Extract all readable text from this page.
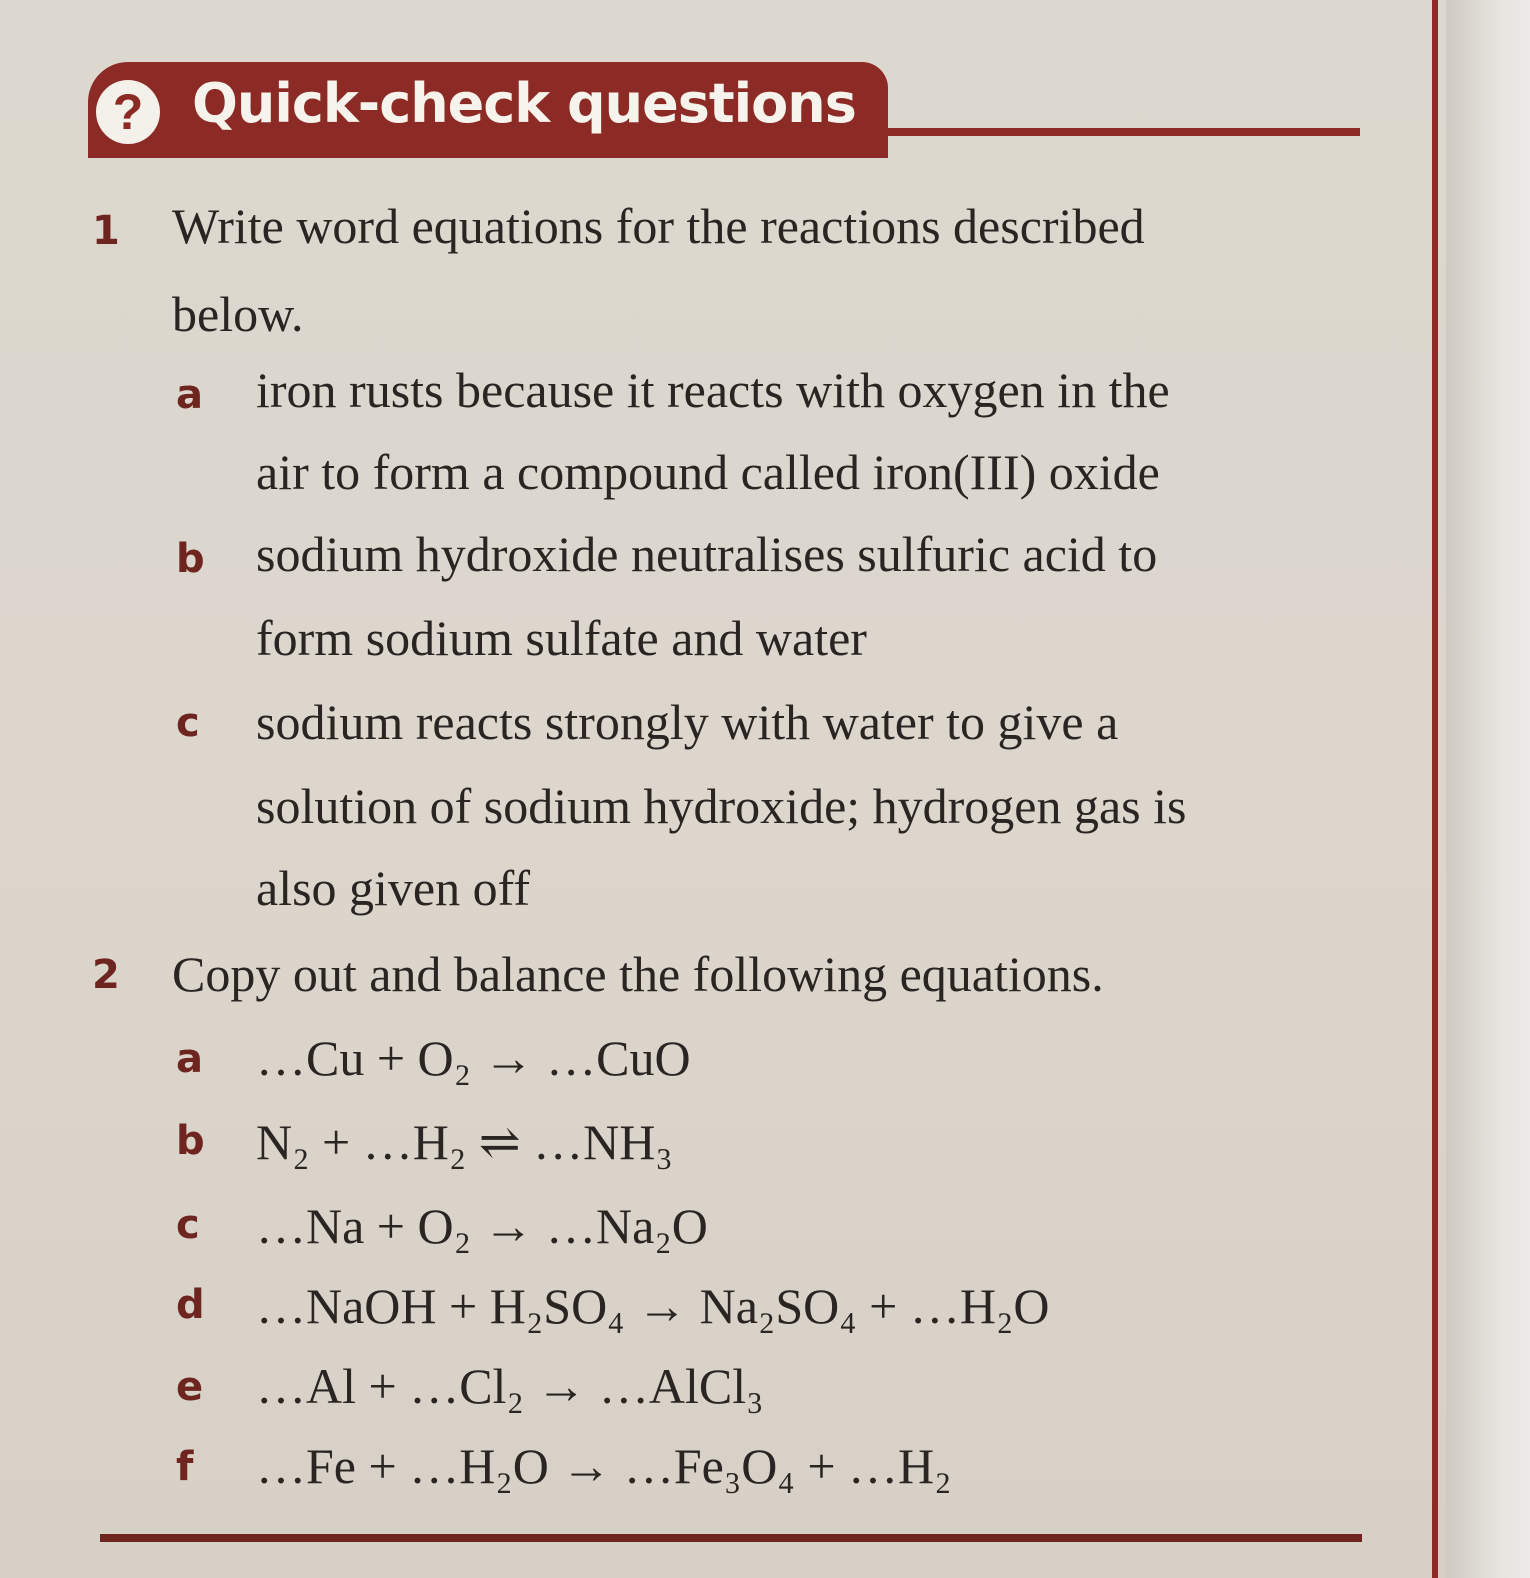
? Quick-check questions
1 Write word equations for the reactions described
below.
a iron rusts because it reacts with oxygen in the
air to form a compound called iron(III) oxide
b sodium hydroxide neutralises sulfuric acid to
form sodium sulfate and water
c sodium reacts strongly with water to give a
solution of sodium hydroxide; hydrogen gas is
also given off
2 Copy out and balance the following equations.
a …Cu + O₂ → …CuO
b N₂ + …H₂ ⇌ …NH₃
c …Na + O₂ → …Na₂O
d …NaOH + H₂SO₄ → Na₂SO₄ + …H₂O
e …Al + …Cl₂ → …AlCl₃
f …Fe + …H₂O → …Fe₃O₄ + …H₂
